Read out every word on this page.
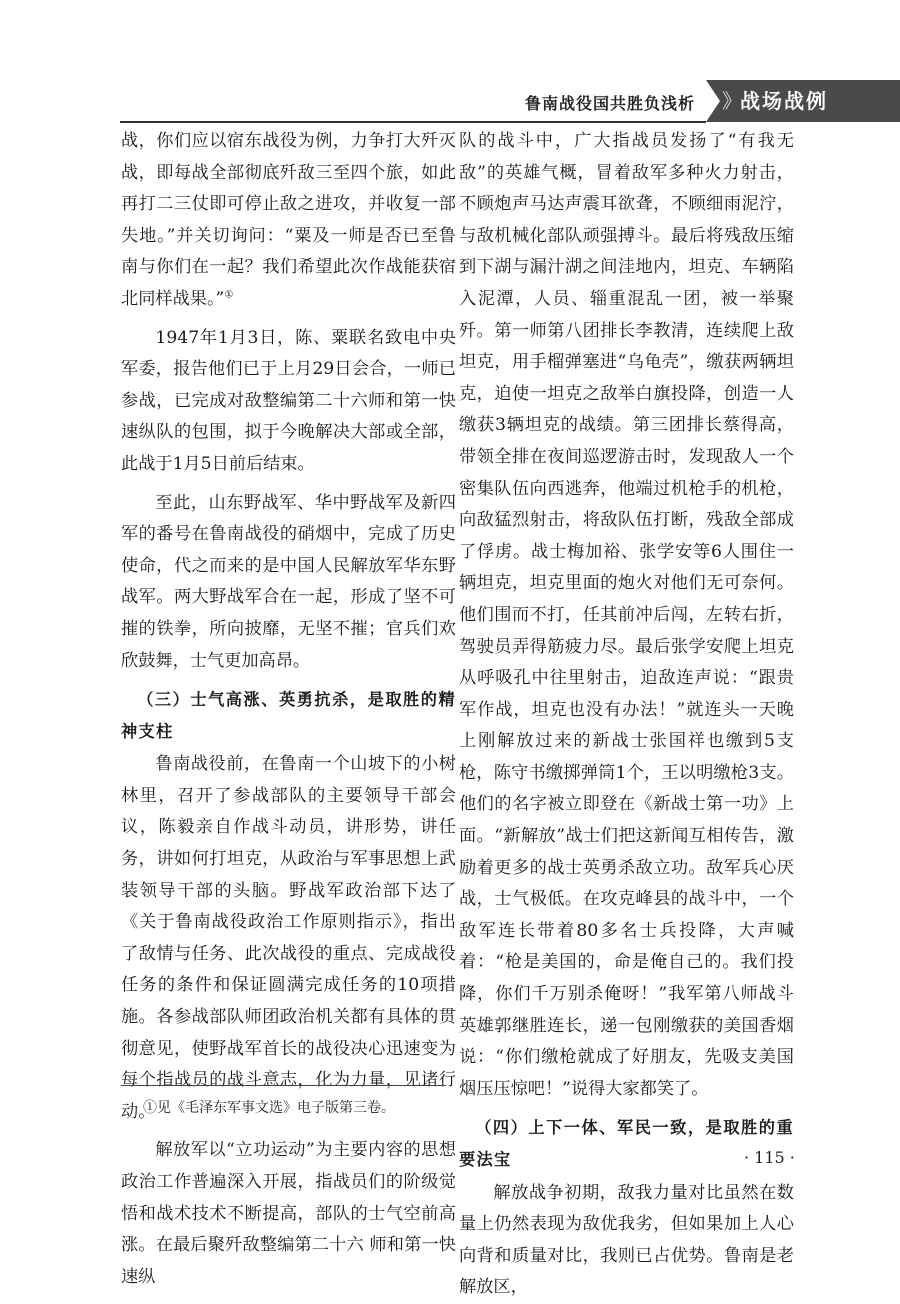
鲁南战役国共胜负浅析 》
战场战例

战，你们应以宿东战役为例，力争打大歼灭战，即每战全部彻底歼敌三至四个旅，如此再打二三仗即可停止敌之进攻，并收复一部失地。”并关切询问：“粟及一师是否已至鲁南与你们在一起？我们希望此次作战能获宿北同样战果。”①

1947年1月3日，陈、粟联名致电中央军委，报告他们已于上月29日会合，一师已参战，已完成对敌整编第二十六师和第一快速纵队的包围，拟于今晚解决大部或全部，此战于1月5日前后结束。

至此，山东野战军、华中野战军及新四军的番号在鲁南战役的硝烟中，完成了历史使命，代之而来的是中国人民解放军华东野战军。两大野战军合在一起，形成了坚不可摧的铁拳，所向披靡，无坚不摧；官兵们欢欣鼓舞，士气更加高昂。

（三）士气高涨、英勇抗杀，是取胜的精神支柱

鲁南战役前，在鲁南一个山坡下的小树林里，召开了参战部队的主要领导干部会议，陈毅亲自作战斗动员，讲形势，讲任务，讲如何打坦克，从政治与军事思想上武装领导干部的头脑。野战军政治部下达了《关于鲁南战役政治工作原则指示》，指出了敌情与任务、此次战役的重点、完成战役任务的条件和保证圆满完成任务的10项措施。各参战部队师团政治机关都有具体的贯彻意见，使野战军首长的战役决心迅速变为每个指战员的战斗意志，化为力量，见诸行动。

解放军以“立功运动”为主要内容的思想政治工作普遍深入开展，指战员们的阶级觉悟和战术技术不断提高，部队的士气空前高涨。在最后聚歼敌整编第二十六 师和第一快速纵

队的战斗中，广大指战员发扬了“有我无敌”的英雄气概，冒着敌军多种火力射击，不顾炮声马达声震耳欲聋，不顾细雨泥泞，与敌机械化部队顽强搏斗。最后将残敌压缩到下湖与漏汁湖之间洼地内，坦克、车辆陷入泥潭，人员、辎重混乱一团，被一举聚歼。第一师第八团排长李教清，连续爬上敌坦克，用手榴弹塞进“乌龟壳”，缴获两辆坦克，迫使一坦克之敌举白旗投降，创造一人缴获3辆坦克的战绩。第三团排长蔡得高，带领全排在夜间巡逻游击时，发现敌人一个密集队伍向西逃奔，他端过机枪手的机枪，向敌猛烈射击，将敌队伍打断，残敌全部成了俘虏。战士梅加裕、张学安等6人围住一辆坦克，坦克里面的炮火对他们无可奈何。他们围而不打，任其前冲后闯，左转右折，驾驶员弄得筋疲力尽。最后张学安爬上坦克从呼吸孔中往里射击，迫敌连声说：“跟贵军作战，坦克也没有办法！”就连头一天晚上刚解放过来的新战士张国祥也缴到5支枪，陈守书缴掷弹筒1个，王以明缴枪3支。他们的名字被立即登在《新战士第一功》上面。“新解放”战士们把这新闻互相传告，激励着更多的战士英勇杀敌立功。敌军兵心厌战，士气极低。在攻克峰县的战斗中，一个敌军连长带着80多名士兵投降，大声喊着：“枪是美国的，命是俺自己的。我们投降，你们千万别杀俺呀！”我军第八师战斗英雄郭继胜连长，递一包刚缴获的美国香烟说：“你们缴枪就成了好朋友，先吸支美国烟压压惊吧！”说得大家都笑了。

（四）上下一体、军民一致，是取胜的重要法宝

解放战争初期，敌我力量对比虽然在数量上仍然表现为敌优我劣，但如果加上人心向背和质量对比，我则已占优势。鲁南是老解放区，

①见《毛泽东军事文选》电子版第三卷。
· 115 ·
